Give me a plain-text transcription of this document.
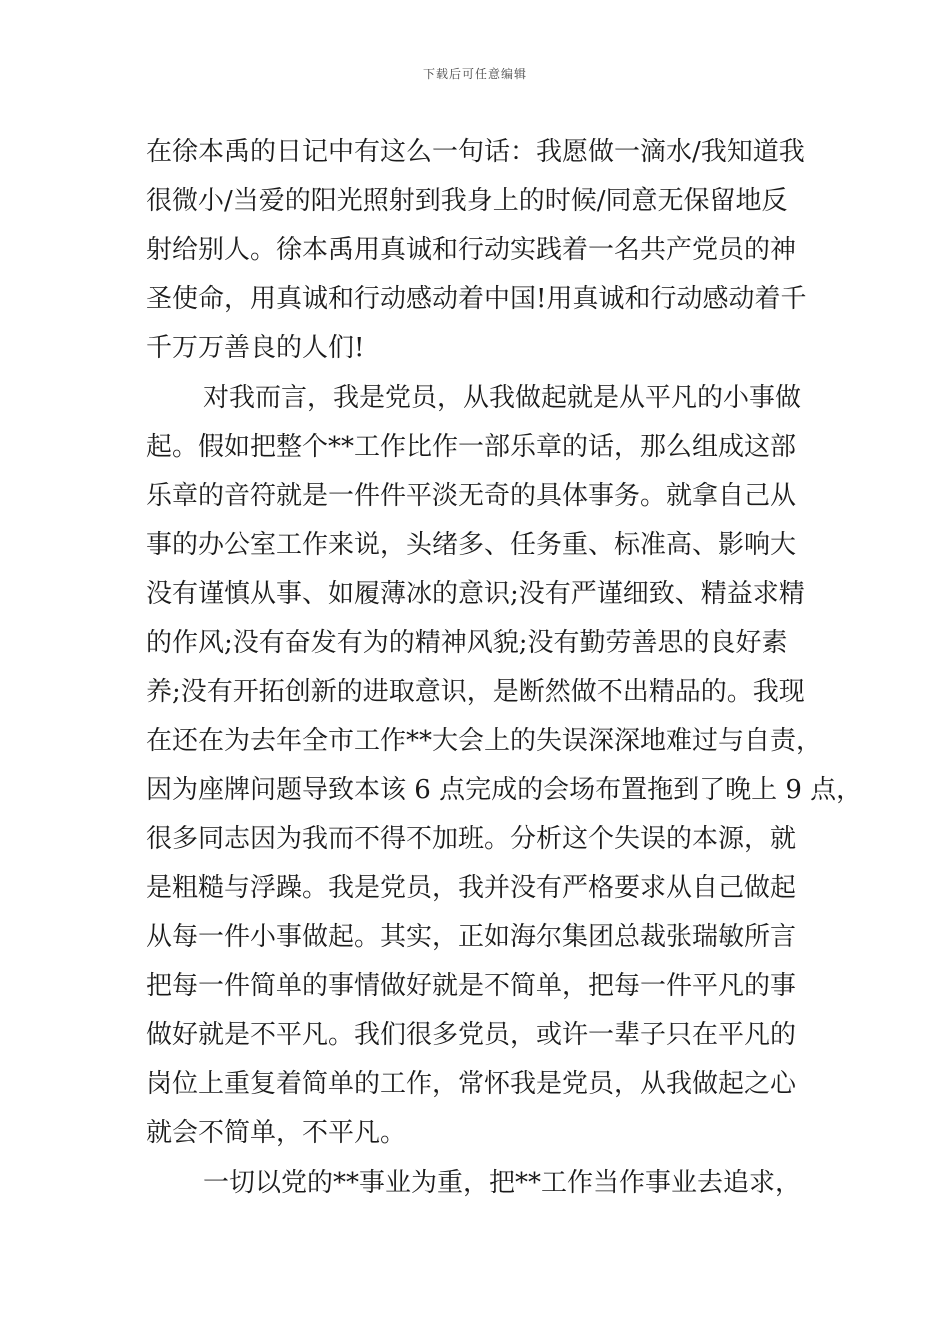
下载后可任意编辑
在徐本禹的日记中有这么一句话：我愿做一滴水/我知道我
很微小/当爱的阳光照射到我身上的时候/同意无保留地反
射给别人。徐本禹用真诚和行动实践着一名共产党员的神
圣使命，用真诚和行动感动着中国!用真诚和行动感动着千
千万万善良的人们!
对我而言，我是党员，从我做起就是从平凡的小事做
起。假如把整个**工作比作一部乐章的话，那么组成这部
乐章的音符就是一件件平淡无奇的具体事务。就拿自己从
事的办公室工作来说，头绪多、任务重、标准高、影响大
没有谨慎从事、如履薄冰的意识;没有严谨细致、精益求精
的作风;没有奋发有为的精神风貌;没有勤劳善思的良好素
养;没有开拓创新的进取意识，是断然做不出精品的。我现
在还在为去年全市工作**大会上的失误深深地难过与自责，
因为座牌问题导致本该 6 点完成的会场布置拖到了晚上 9 点，
很多同志因为我而不得不加班。分析这个失误的本源，就
是粗糙与浮躁。我是党员，我并没有严格要求从自己做起
从每一件小事做起。其实，正如海尔集团总裁张瑞敏所言
把每一件简单的事情做好就是不简单，把每一件平凡的事
做好就是不平凡。我们很多党员，或许一辈子只在平凡的
岗位上重复着简单的工作，常怀我是党员，从我做起之心
就会不简单，不平凡。
一切以党的**事业为重，把**工作当作事业去追求，
